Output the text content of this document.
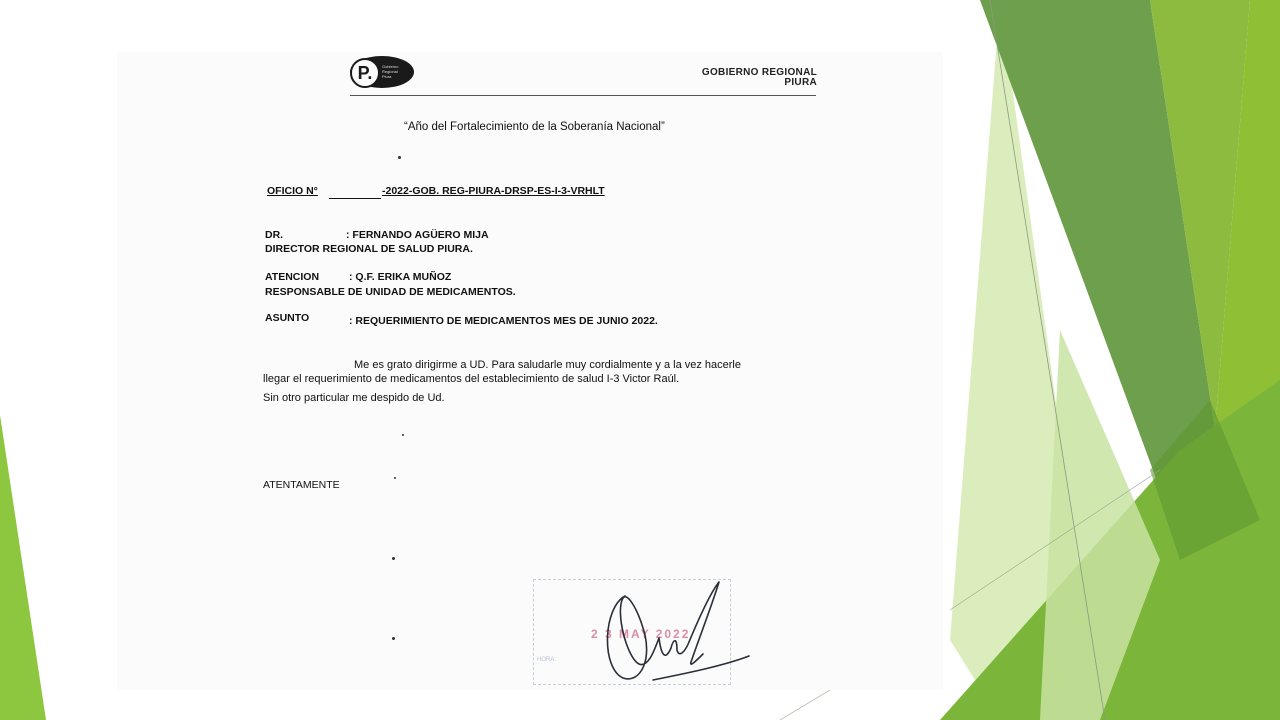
P.	Gobierno Regional Piura	GOBIERNO REGIONAL
PIURA
“Año del Fortalecimiento de la Soberanía Nacional”
OFICIO N°	-2022-GOB. REG-PIURA-DRSP-ES-I-3-VRHLT
DR.	: FERNANDO AGÜERO MIJA
DIRECTOR REGIONAL DE SALUD PIURA.
ATENCION	: Q.F. ERIKA MUÑOZ
RESPONSABLE DE UNIDAD DE MEDICAMENTOS.
ASUNTO	: REQUERIMIENTO DE MEDICAMENTOS MES DE JUNIO 2022.
Me es grato dirigirme a UD. Para saludarle muy cordialmente y a la vez hacerle
llegar el requerimiento de medicamentos del establecimiento de salud I-3 Victor Raúl.
Sin otro particular me despido de Ud.
ATENTAMENTE
2 3 MAY 2022
HORA:
